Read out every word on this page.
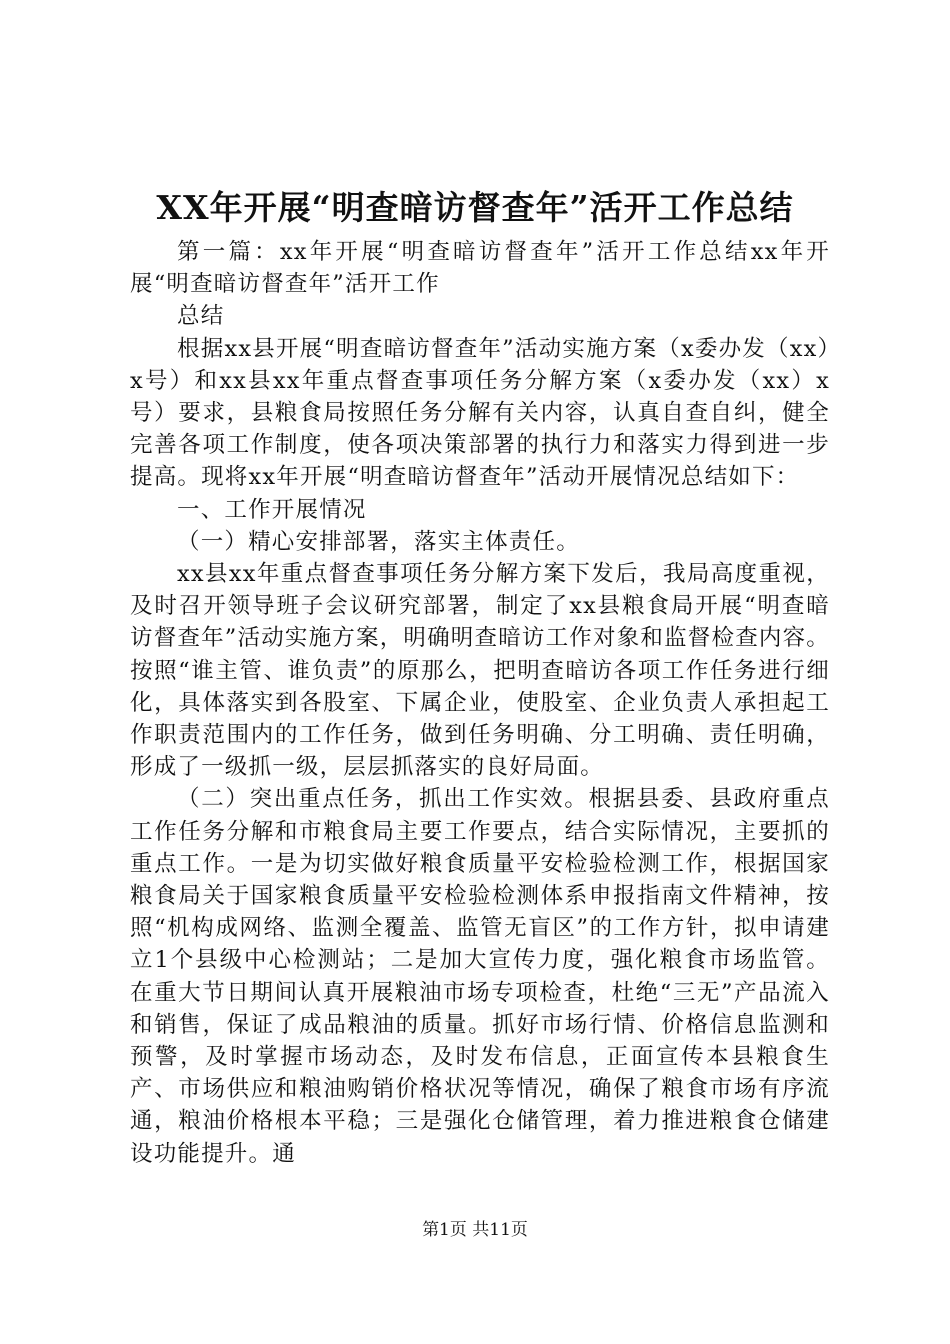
XX年开展“明查暗访督查年”活开工作总结

第一篇：xx年开展“明查暗访督查年”活开工作总结xx年开展“明查暗访督查年”活开工作

总结

根据xx县开展“明查暗访督查年”活动实施方案（x委办发（xx）x号）和xx县xx年重点督查事项任务分解方案（x委办发（xx）x号）要求，县粮食局按照任务分解有关内容，认真自查自纠，健全完善各项工作制度，使各项决策部署的执行力和落实力得到进一步提高。现将xx年开展“明查暗访督查年”活动开展情况总结如下：

一、工作开展情况

（一）精心安排部署，落实主体责任。

xx县xx年重点督查事项任务分解方案下发后，我局高度重视，及时召开领导班子会议研究部署，制定了xx县粮食局开展“明查暗访督查年”活动实施方案，明确明查暗访工作对象和监督检查内容。按照“谁主管、谁负责”的原那么，把明查暗访各项工作任务进行细化，具体落实到各股室、下属企业，使股室、企业负责人承担起工作职责范围内的工作任务，做到任务明确、分工明确、责任明确，形成了一级抓一级，层层抓落实的良好局面。

（二）突出重点任务，抓出工作实效。根据县委、县政府重点工作任务分解和市粮食局主要工作要点，结合实际情况，主要抓的重点工作。一是为切实做好粮食质量平安检验检测工作，根据国家粮食局关于国家粮食质量平安检验检测体系申报指南文件精神，按照“机构成网络、监测全覆盖、监管无盲区”的工作方针，拟申请建立1个县级中心检测站；二是加大宣传力度，强化粮食市场监管。在重大节日期间认真开展粮油市场专项检查，杜绝“三无”产品流入和销售，保证了成品粮油的质量。抓好市场行情、价格信息监测和预警，及时掌握市场动态，及时发布信息，正面宣传本县粮食生产、市场供应和粮油购销价格状况等情况，确保了粮食市场有序流通，粮油价格根本平稳；三是强化仓储管理，着力推进粮食仓储建设功能提升。通

第1页 共11页
